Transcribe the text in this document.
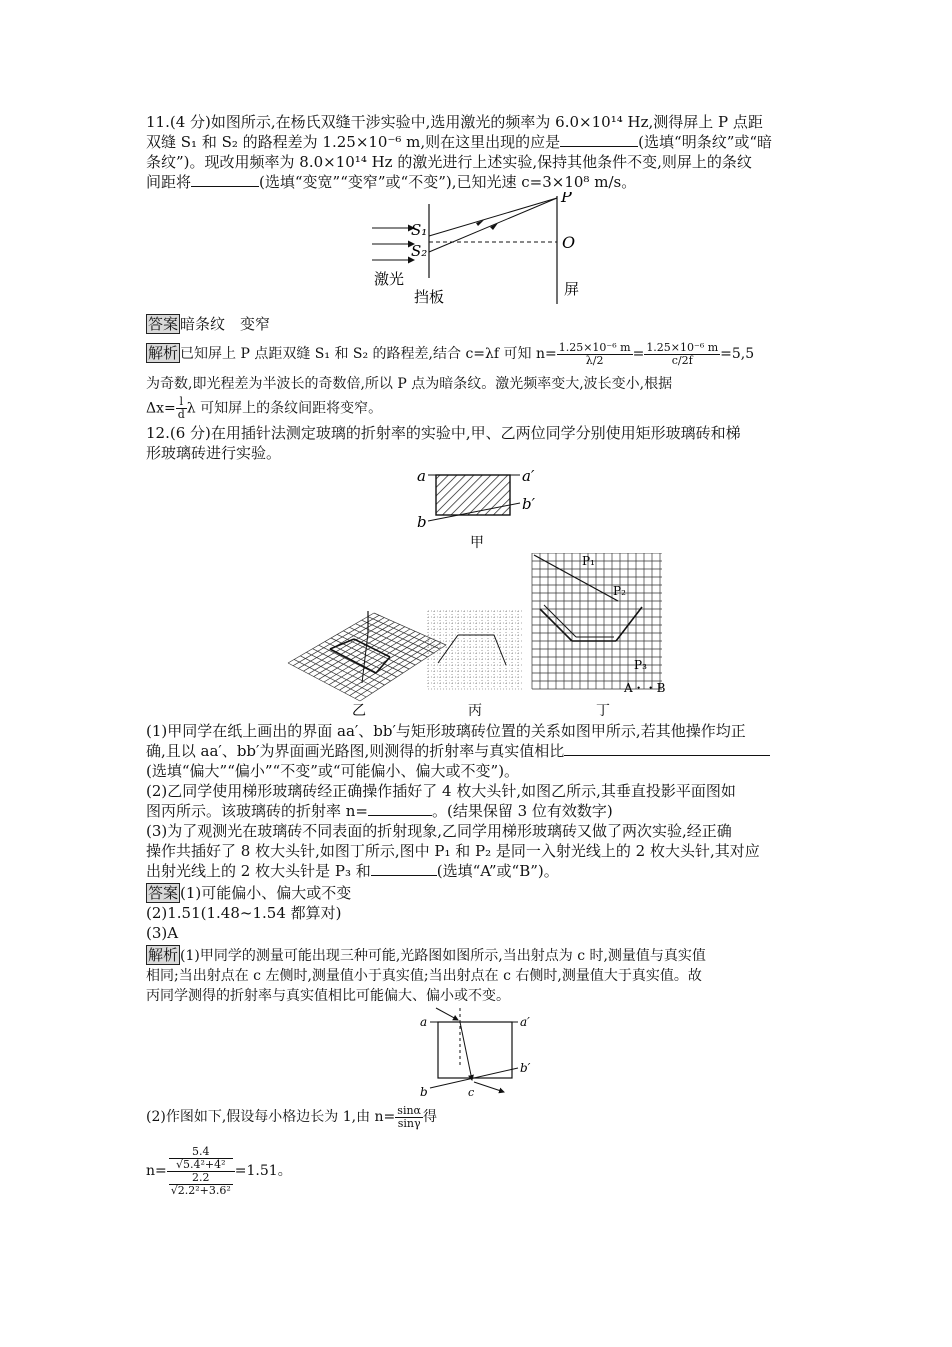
11.(4 分)如图所示,在杨氏双缝干涉实验中,选用激光的频率为 6.0×10¹⁴ Hz,测得屏上 P 点距
双缝 S₁ 和 S₂ 的路程差为 1.25×10⁻⁶ m,则在这里出现的应是	(选填“明条纹”或“暗
条纹”)。现改用频率为 8.0×10¹⁴ Hz 的激光进行上述实验,保持其他条件不变,则屏上的条纹
间距将	(选填“变宽”“变窄”或“不变”),已知光速 c=3×10⁸ m/s。
S₁
S₂
P
O
激光
挡板	屏
答案 暗条纹　变窄
解析 已知屏上 P 点距双缝 S₁ 和 S₂ 的路程差,结合 c=λf 可知 $n= \frac{\text{1.25×10⁻⁶ m}}{\lambda/2} = \frac{\text{1.25×10⁻⁶ m}}{c/2f} =5,5$
为奇数,即光程差为半波长的奇数倍,所以 P 点为暗条纹。激光频率变大,波长变小,根据
$\Delta x= \frac{l}{d}$ λ 可知屏上的条纹间距将变窄。
12.(6 分)在用插针法测定玻璃的折射率的实验中,甲、乙两位同学分别使用矩形玻璃砖和梯
形玻璃砖进行实验。
a	a′
b
b′
甲
乙	丙	丁
P₁
P₂
P₃
A・・B
(1)甲同学在纸上画出的界面 aa′、bb′与矩形玻璃砖位置的关系如图甲所示,若其他操作均正
确,且以 aa′、bb′为界面画光路图,则测得的折射率与真实值相比
(选填“偏大”“偏小”“不变”或“可能偏小、偏大或不变”)。
(2)乙同学使用梯形玻璃砖经正确操作插好了 4 枚大头针,如图乙所示,其垂直投影平面图如
图丙所示。该玻璃砖的折射率 n=	。(结果保留 3 位有效数字)
(3)为了观测光在玻璃砖不同表面的折射现象,乙同学用梯形玻璃砖又做了两次实验,经正确
操作共插好了 8 枚大头针,如图丁所示,图中 P₁ 和 P₂ 是同一入射光线上的 2 枚大头针,其对应
出射光线上的 2 枚大头针是 P₃ 和	(选填“A”或“B”)。
答案 (1)可能偏小、偏大或不变
(2)1.51(1.48~1.54 都算对)
(3)A
解析 (1)甲同学的测量可能出现三种可能,光路图如图所示,当出射点为 c 时,测量值与真实值
相同;当出射点在 c 左侧时,测量值小于真实值;当出射点在 c 右侧时,测量值大于真实值。故
丙同学测得的折射率与真实值相比可能偏大、偏小或不变。
a	a′
b
b′
c
(2)作图如下,假设每小格边长为 1,由 $n= \frac{\sin\alpha}{\sin\gamma}$ 得
n= 5.4
√5.4²+4²
2.2
√2.2²+3.6² =1.51。
